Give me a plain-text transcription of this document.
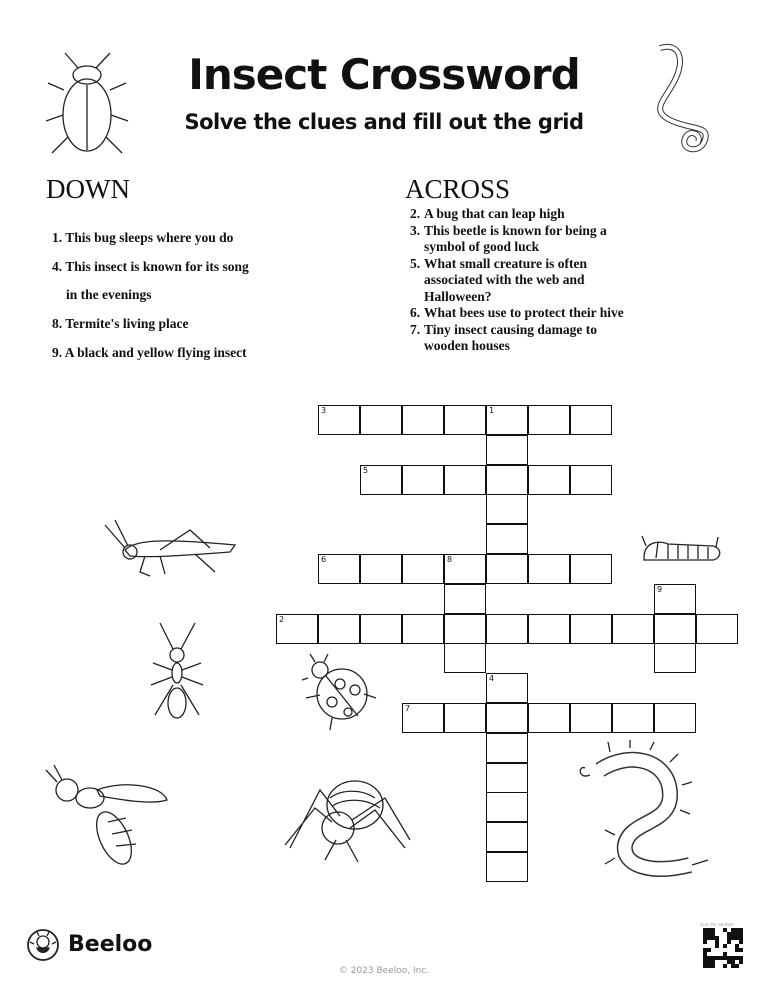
Insect Crossword
Solve the clues and fill out the grid
DOWN
1. This bug sleeps where you do
4. This insect is known for its song
in the evenings
8. Termite's living place
9. A black and yellow flying insect
ACROSS
2. A bug that can leap high
3. This beetle is known for being a symbol of good luck
5. What small creature is often associated with the web and Halloween?
6. What bees use to protect their hive
7. Tiny insect causing damage to wooden houses
3	1
5
6	8
9
2
4
7
Beeloo
© 2023 Beeloo, Inc.
Scan for solution
